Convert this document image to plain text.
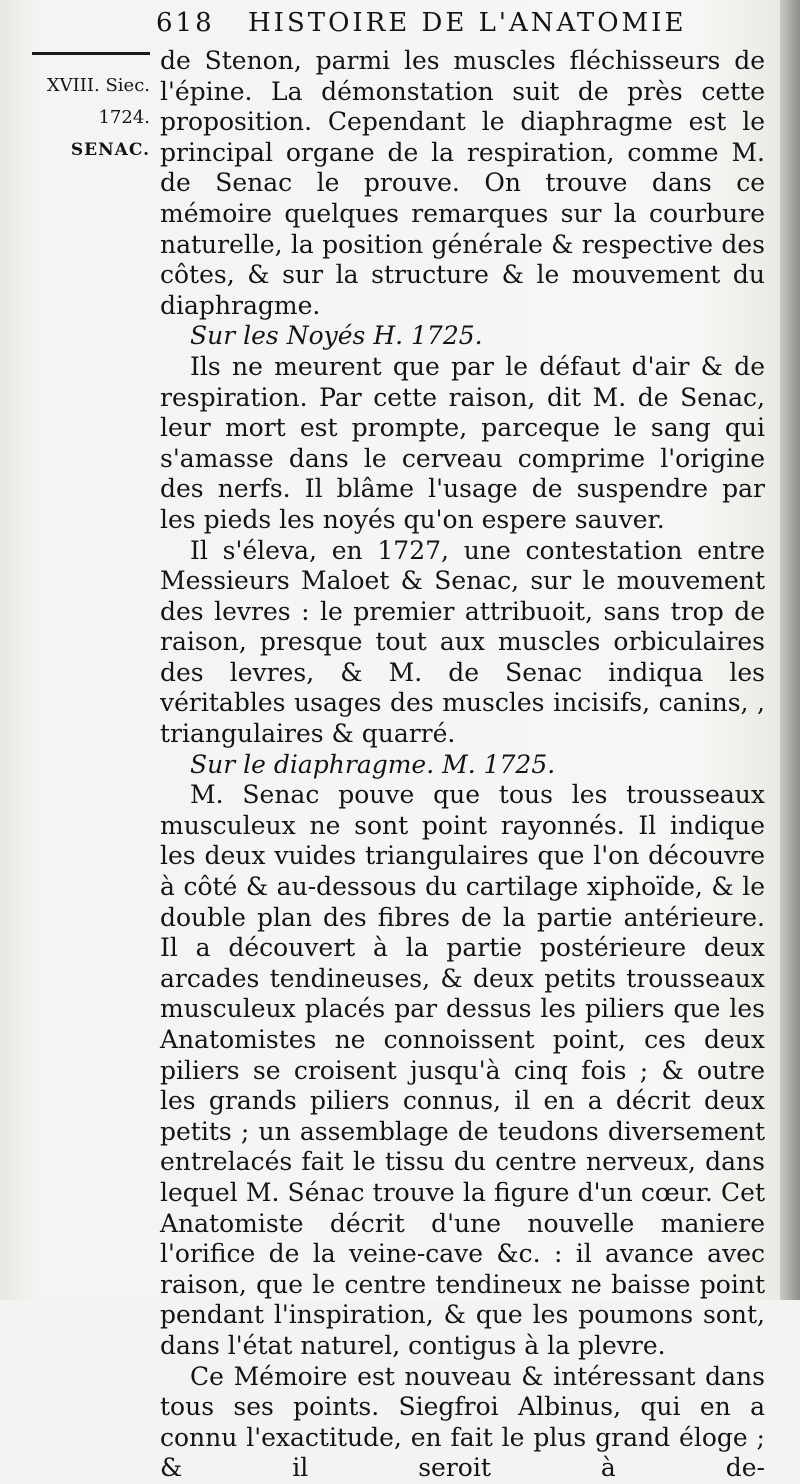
618 HISTOIRE DE L'ANATOMIE
XVIII. Siec.
1724.
SENAC.

de Stenon, parmi les muscles fléchisseurs de l'épine. La démonstation suit de près cette proposition. Cependant le diaphragme est le principal organe de la respiration, comme M. de Senac le prouve. On trouve dans ce mémoire quelques remarques sur la courbure naturelle, la position générale & respective des côtes, & sur la structure & le mouvement du diaphragme.

Sur les Noyés H. 1725.

Ils ne meurent que par le défaut d'air & de respiration. Par cette raison, dit M. de Senac, leur mort est prompte, parceque le sang qui s'amasse dans le cerveau comprime l'origine des nerfs. Il blâme l'usage de suspendre par les pieds les noyés qu'on espere sauver.

Il s'éleva, en 1727, une contestation entre Messieurs Maloet & Senac, sur le mouvement des levres : le premier attribuoit, sans trop de raison, presque tout aux muscles orbiculaires des levres, & M. de Senac indiqua les véritables usages des muscles incisifs, canins, , triangulaires & quarré.

Sur le diaphragme. M. 1725.

M. Senac pouve que tous les trousseaux musculeux ne sont point rayonnés. Il indique les deux vuides triangulaires que l'on découvre à côté & au-dessous du cartilage xiphoïde, & le double plan des fibres de la partie antérieure. Il a découvert à la partie postérieure deux arcades tendineuses, & deux petits trousseaux musculeux placés par dessus les piliers que les Anatomistes ne connoissent point, ces deux piliers se croisent jusqu'à cinq fois ; & outre les grands piliers connus, il en a décrit deux petits ; un assemblage de teudons diversement entrelacés fait le tissu du centre nerveux, dans lequel M. Sénac trouve la figure d'un cœur. Cet Anatomiste décrit d'une nouvelle maniere l'orifice de la veine-cave &c. : il avance avec raison, que le centre tendineux ne baisse point pendant l'inspiration, & que les poumons sont, dans l'état naturel, contigus à la plevre.

Ce Mémoire est nouveau & intéressant dans tous ses points. Siegfroi Albinus, qui en a connu l'exactitude, en fait le plus grand éloge ; & il seroit à de-
